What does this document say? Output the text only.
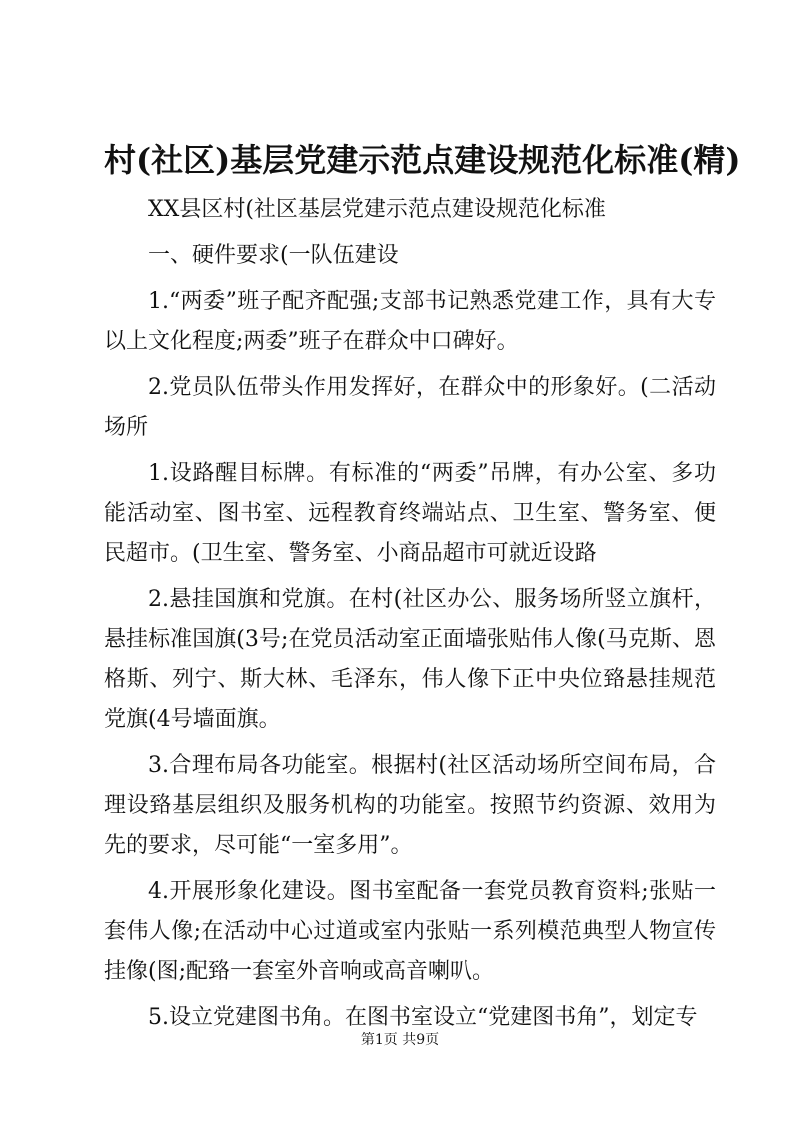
村(社区)基层党建示范点建设规范化标准(精)

XX县区村(社区基层党建示范点建设规范化标准

一、硬件要求(一队伍建设

1.“两委”班子配齐配强;支部书记熟悉党建工作，具有大专以上文化程度;两委”班子在群众中口碑好。

2.党员队伍带头作用发挥好，在群众中的形象好。(二活动场所

1.设路醒目标牌。有标准的“两委”吊牌，有办公室、多功能活动室、图书室、远程教育终端站点、卫生室、警务室、便民超市。(卫生室、警务室、小商品超市可就近设路

2.悬挂国旗和党旗。在村(社区办公、服务场所竖立旗杆，悬挂标准国旗(3号;在党员活动室正面墙张贴伟人像(马克斯、恩格斯、列宁、斯大林、毛泽东，伟人像下正中央位臵悬挂规范党旗(4号墙面旗。

3.合理布局各功能室。根据村(社区活动场所空间布局，合理设臵基层组织及服务机构的功能室。按照节约资源、效用为先的要求，尽可能“一室多用”。

4.开展形象化建设。图书室配备一套党员教育资料;张贴一套伟人像;在活动中心过道或室内张贴一系列模范典型人物宣传挂像(图;配臵一套室外音响或高音喇叭。

5.设立党建图书角。在图书室设立“党建图书角”，划定专

第1页 共9页
